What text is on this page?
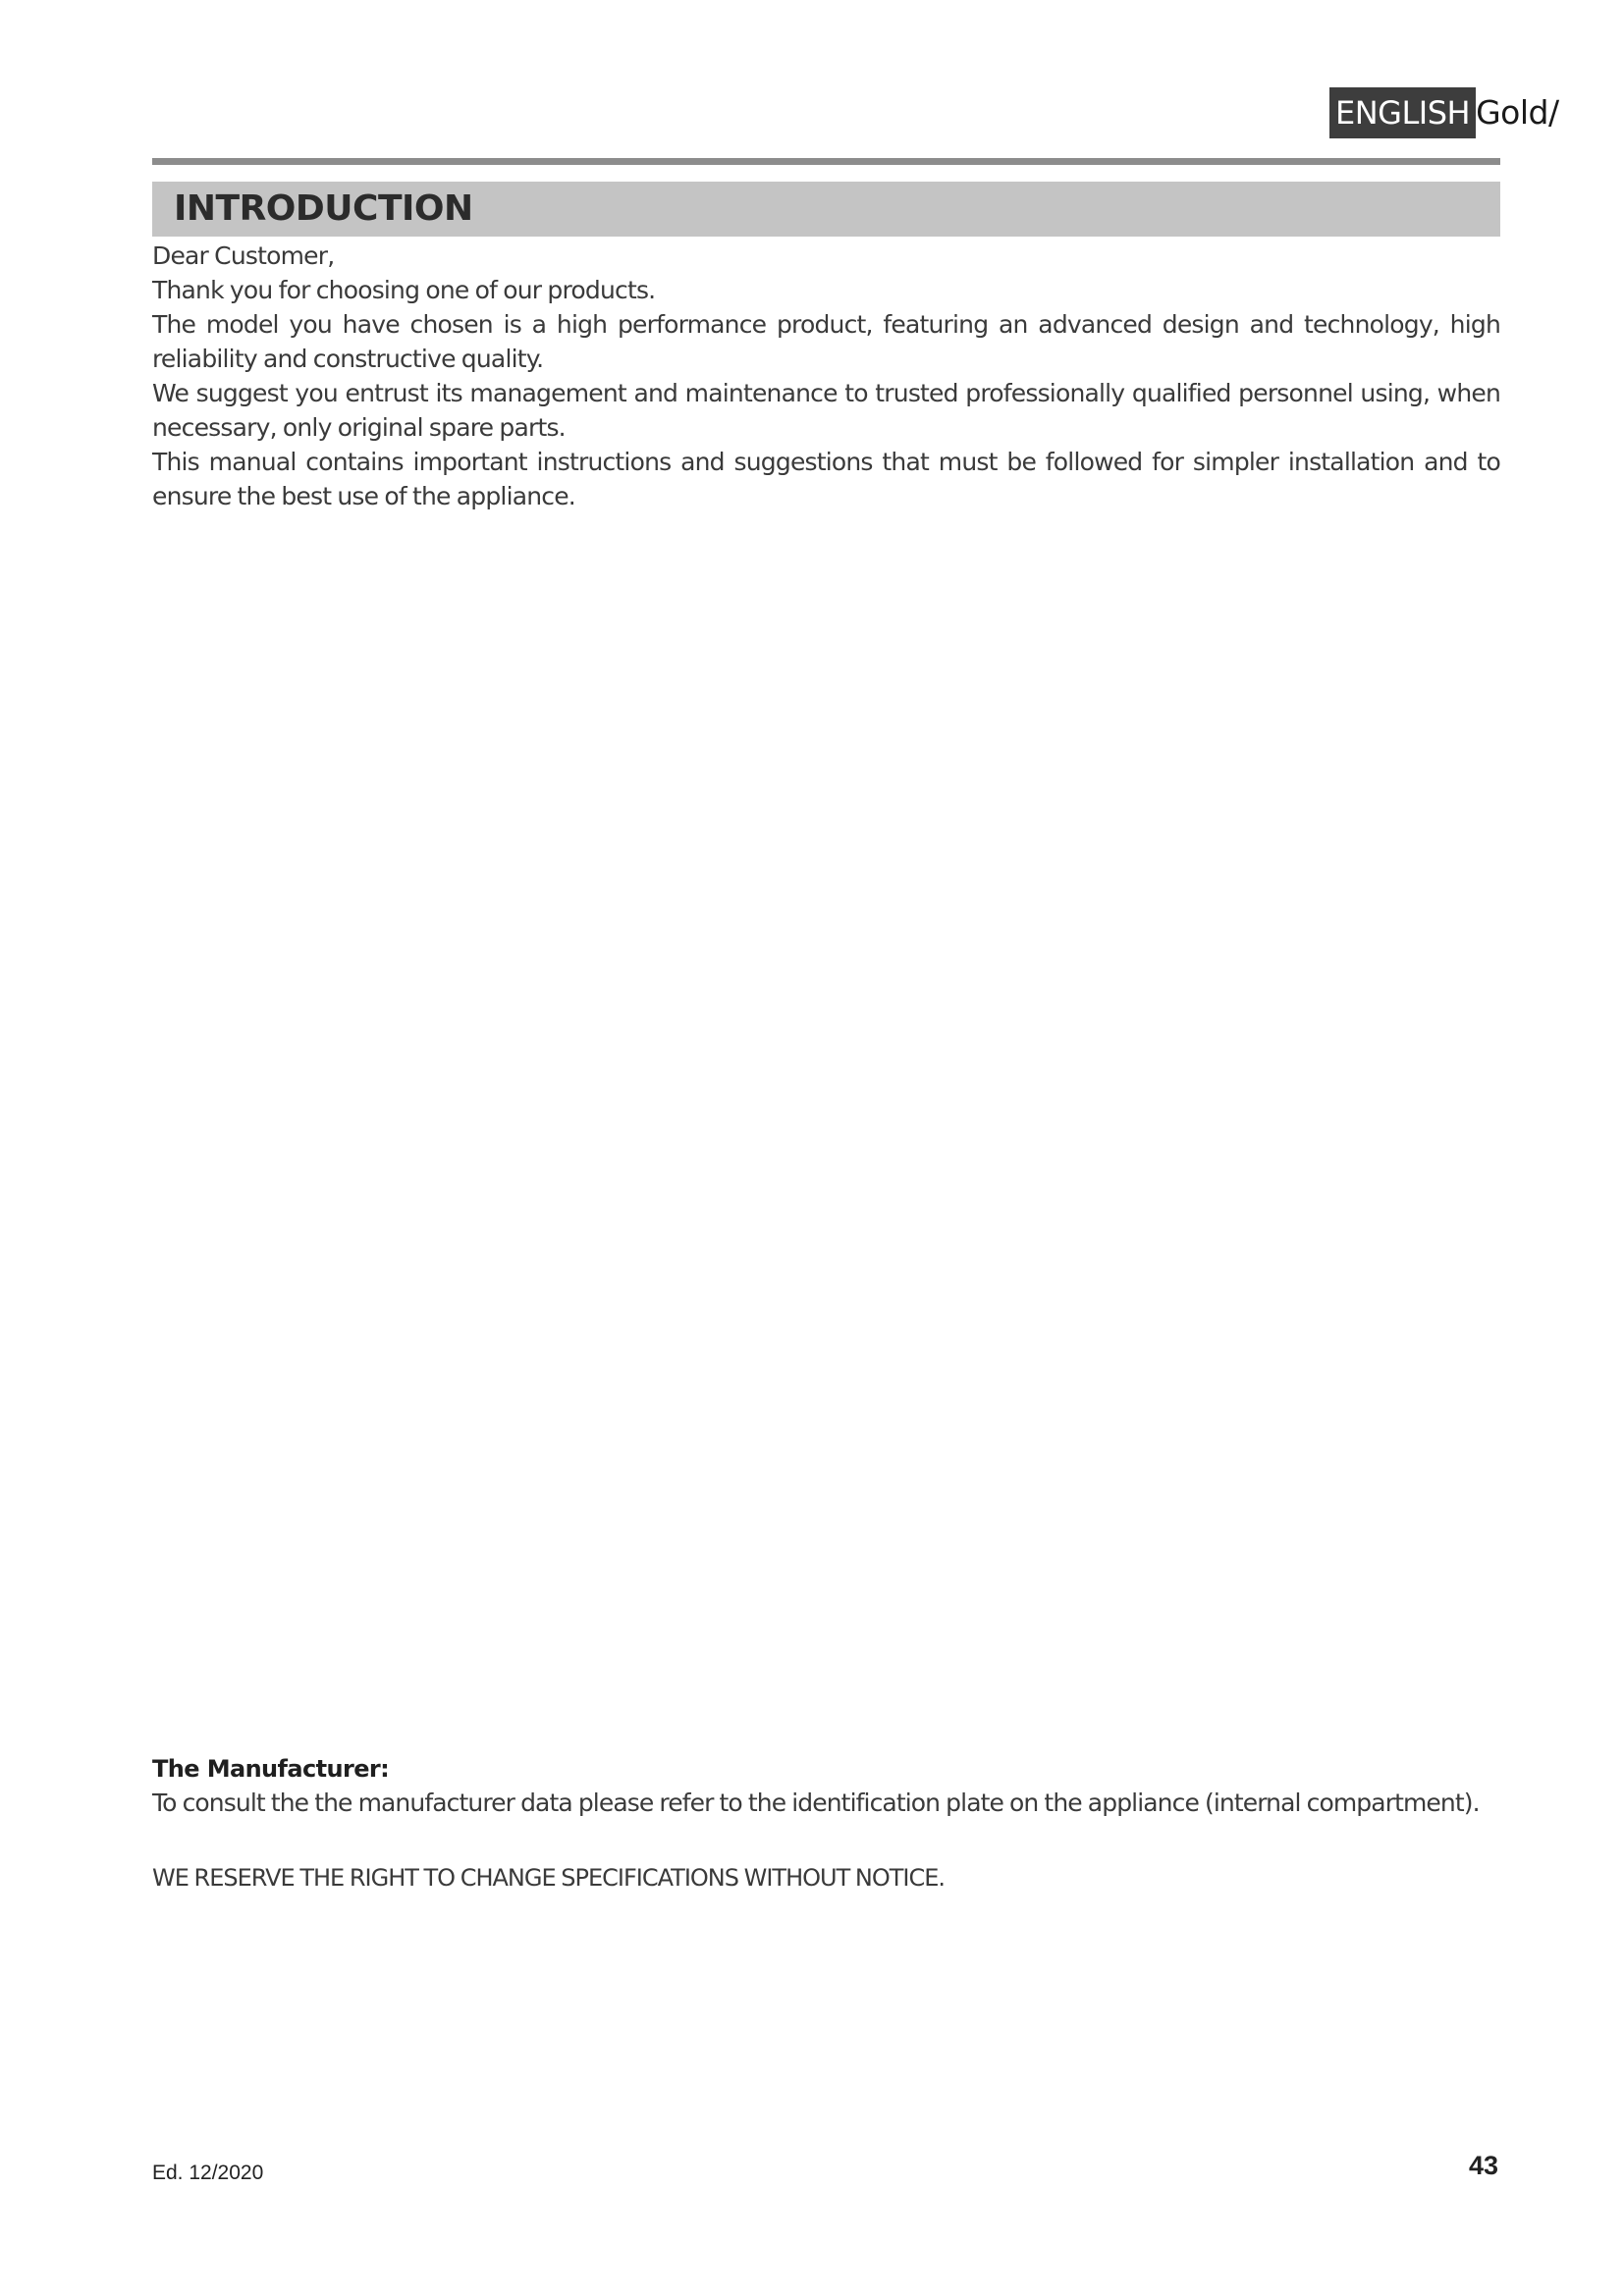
ENGLISH Gold/
INTRODUCTION

Dear Customer,

Thank you for choosing one of our products.

The model you have chosen is a high performance product, featuring an advanced design and technology, high reliability and constructive quality.

We suggest you entrust its management and maintenance to trusted professionally qualified personnel using, when necessary, only original spare parts.

This manual contains important instructions and suggestions that must be followed for simpler installation and to ensure the best use of the appliance.

The Manufacturer:
To consult the the manufacturer data please refer to the identification plate on the appliance (internal compartment).
WE RESERVE THE RIGHT TO CHANGE SPECIFICATIONS WITHOUT NOTICE.
Ed. 12/2020	43
